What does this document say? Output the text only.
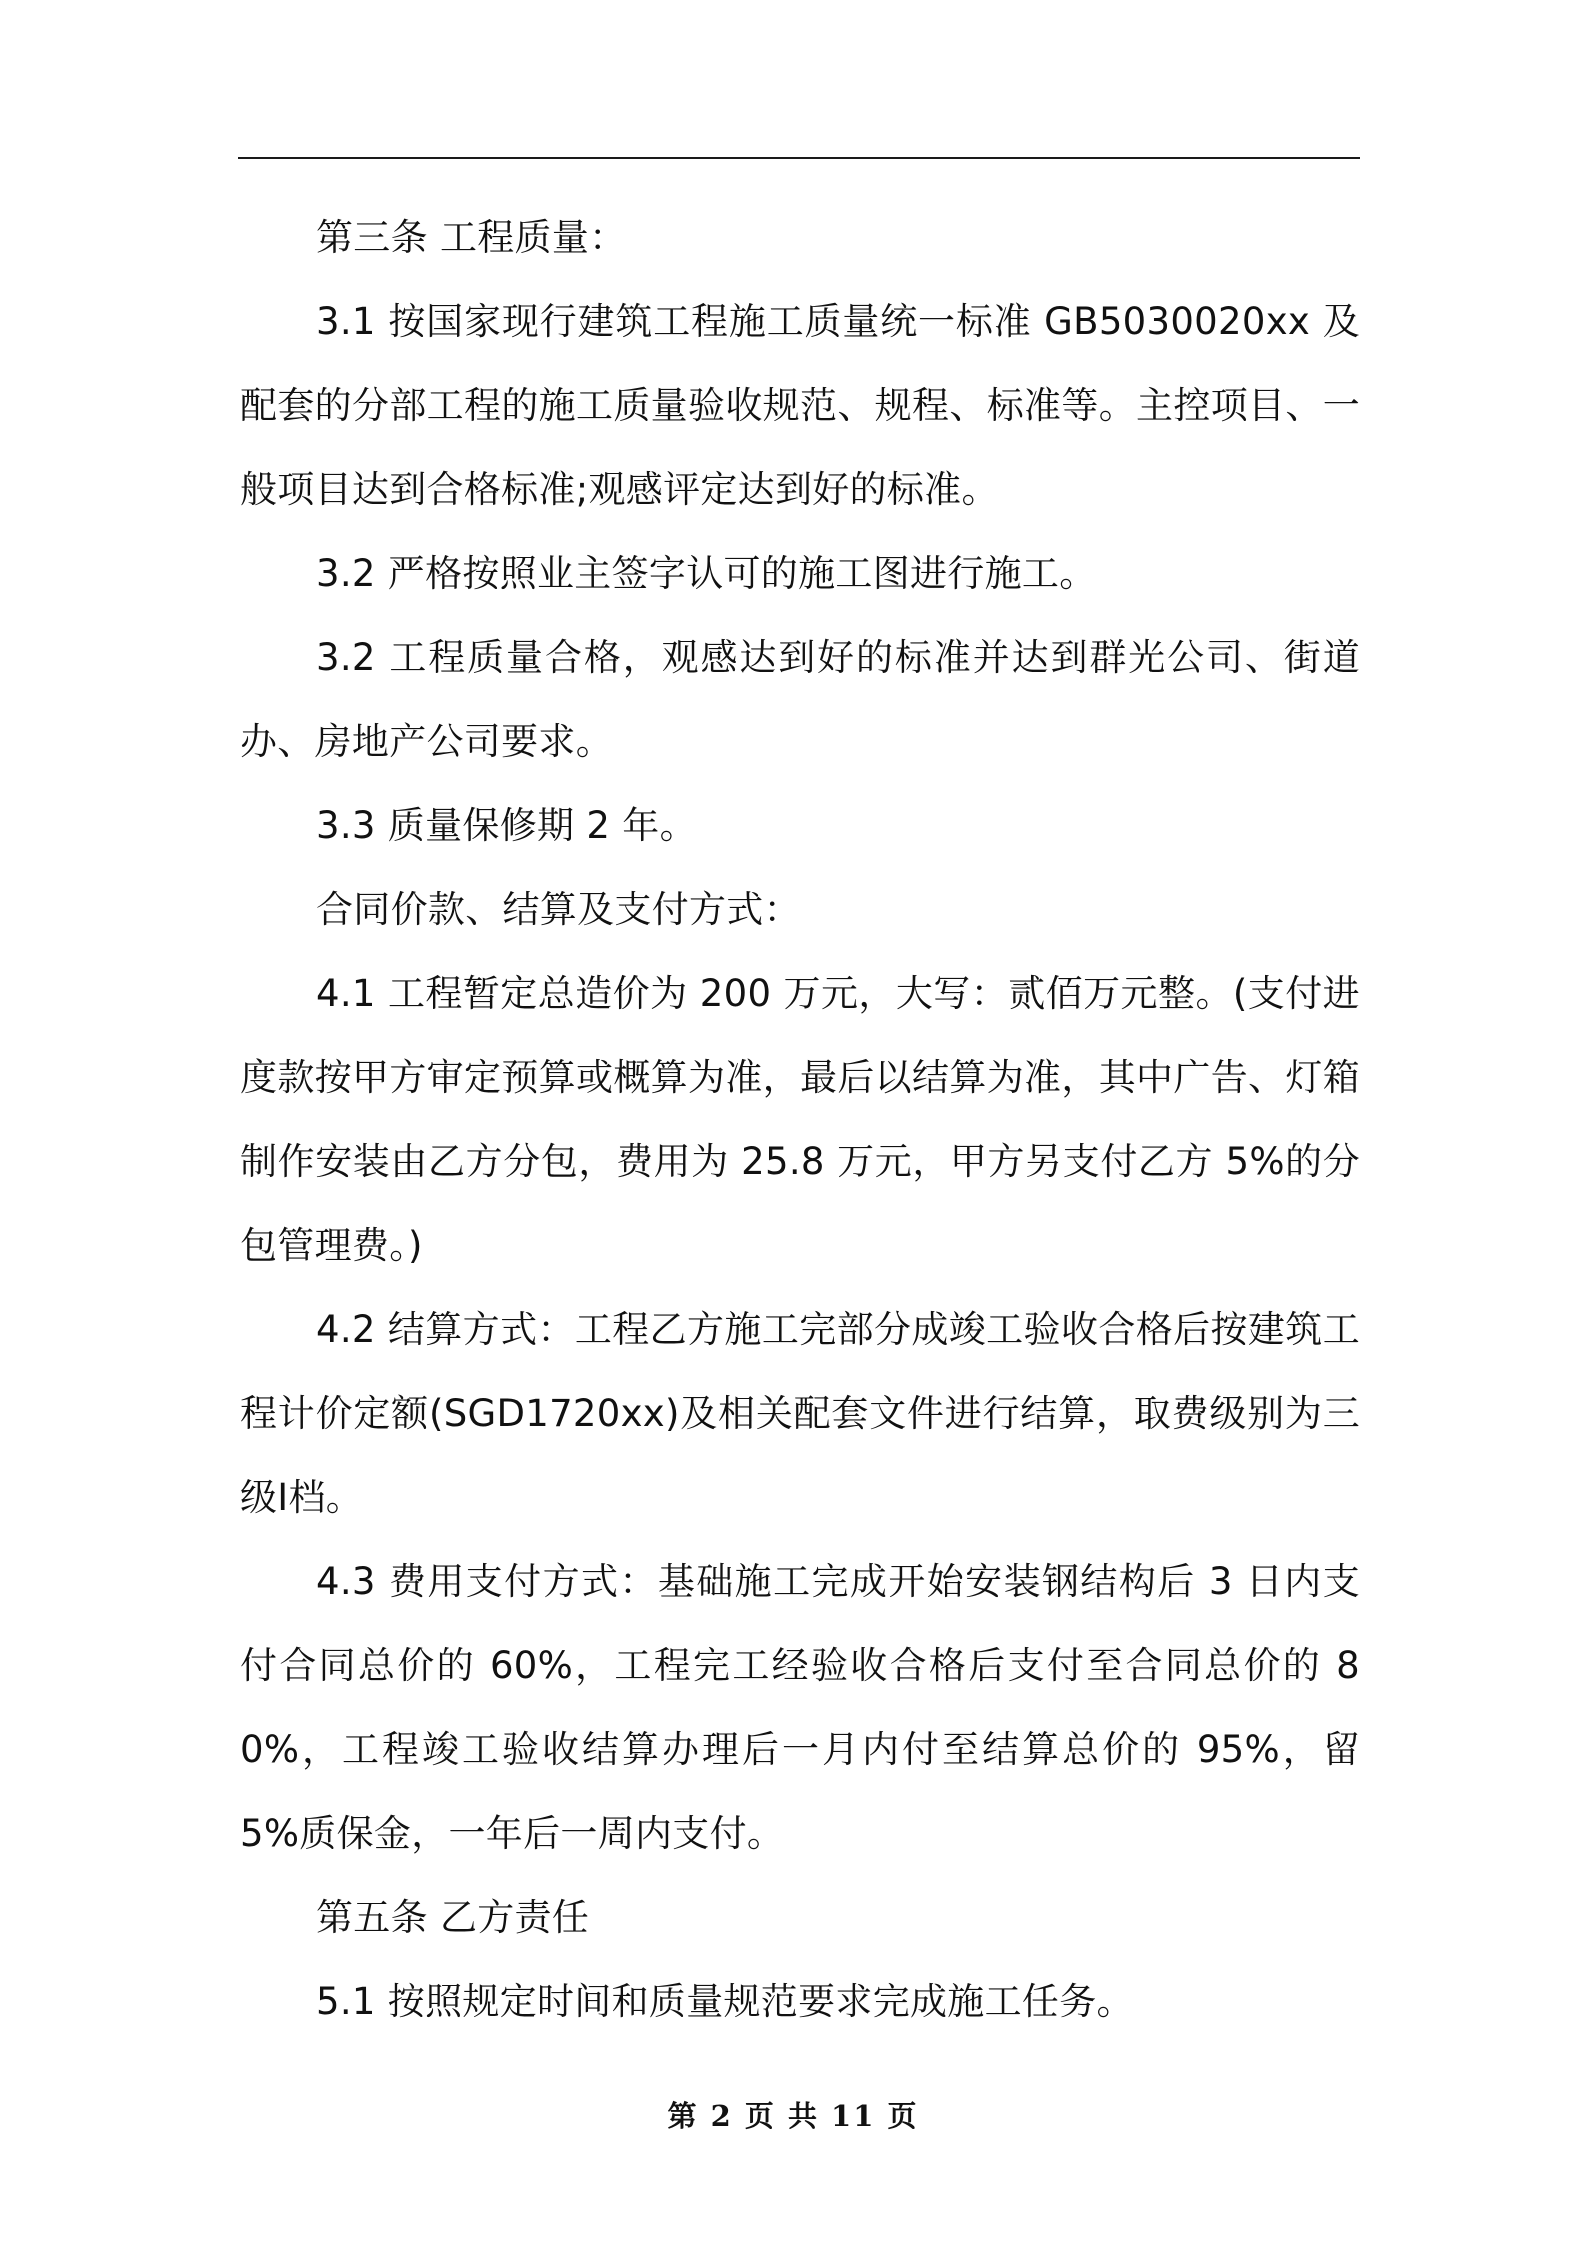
第三条 工程质量：

3.1 按国家现行建筑工程施工质量统一标准 GB5030020xx 及配套的分部工程的施工质量验收规范、规程、标准等。主控项目、一般项目达到合格标准;观感评定达到好的标准。

3.2 严格按照业主签字认可的施工图进行施工。

3.2 工程质量合格，观感达到好的标准并达到群光公司、街道办、房地产公司要求。

3.3 质量保修期 2 年。

合同价款、结算及支付方式：

4.1 工程暂定总造价为 200 万元，大写：贰佰万元整。(支付进度款按甲方审定预算或概算为准，最后以结算为准，其中广告、灯箱制作安装由乙方分包，费用为 25.8 万元，甲方另支付乙方 5%的分包管理费。)

4.2 结算方式：工程乙方施工完部分成竣工验收合格后按建筑工程计价定额(SGD1720xx)及相关配套文件进行结算，取费级别为三级Ⅰ档。

4.3 费用支付方式：基础施工完成开始安装钢结构后 3 日内支付合同总价的 60%，工程完工经验收合格后支付至合同总价的 80%，工程竣工验收结算办理后一月内付至结算总价的 95%，留 5%质保金，一年后一周内支付。

第五条 乙方责任

5.1 按照规定时间和质量规范要求完成施工任务。

第 2 页 共 11 页
